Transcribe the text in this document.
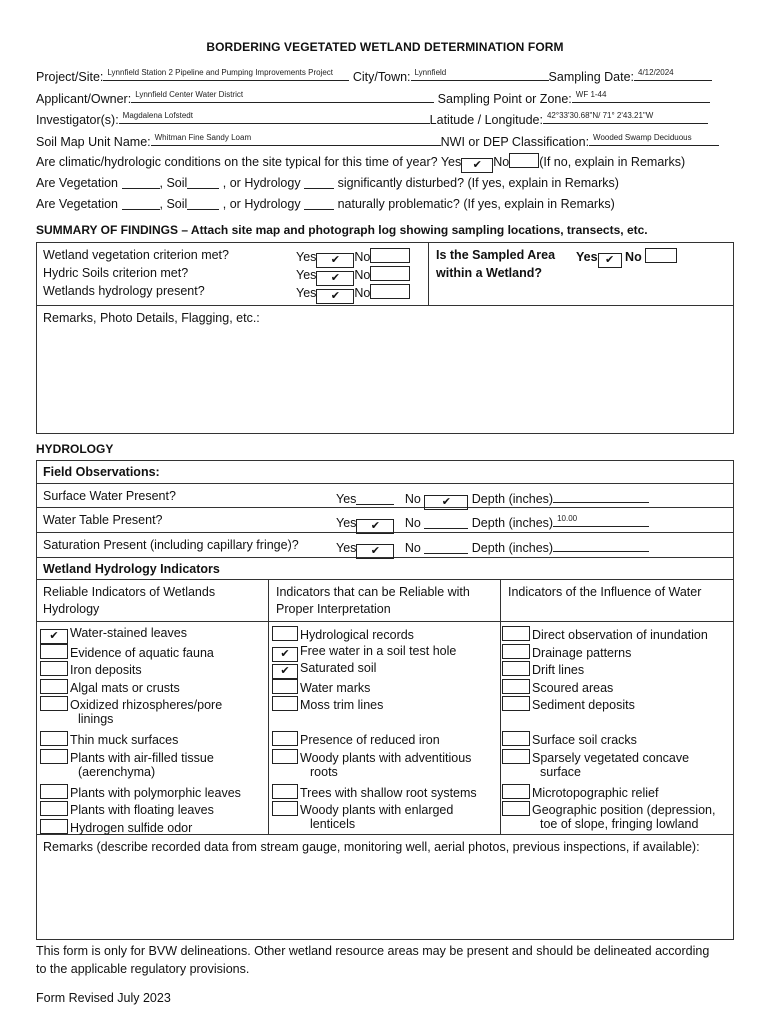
BORDERING VEGETATED WETLAND DETERMINATION FORM
Project/Site: Lynnfield Station 2 Pipeline and Pumping Improvements Project City/Town: Lynnfield	Sampling Date: 4/12/2024
Applicant/Owner: Lynnfield Center Water District	Sampling Point or Zone: WF 1-44
Investigator(s): Magdalena Lofstedt	Latitude / Longitude: 42°33'30.68"N/ 71° 2'43.21"W
Soil Map Unit Name: Whitman Fine Sandy Loam	NWI or DEP Classification: Wooded Swamp Deciduous
Are climatic/hydrologic conditions on the site typical for this time of year? Yes ✔	No (If no, explain in Remarks)
Are Vegetation	, Soil	, or Hydrology	significantly disturbed? (If yes, explain in Remarks)
Are Vegetation	, Soil	, or Hydrology	naturally problematic? (If yes, explain in Remarks)
SUMMARY OF FINDINGS – Attach site map and photograph log showing sampling locations, transects, etc.
Wetland vegetation criterion met?	Yes ✔	No
Hydric Soils criterion met?	Yes ✔	No
Wetlands hydrology present?	Yes ✔	No
Is the Sampled Area
within a Wetland?
Yes ✔ No
Remarks, Photo Details, Flagging, etc.:
HYDROLOGY
Field Observations:
Surface Water Present?	Yes	No ✔	Depth (inches)
Water Table Present?	Yes ✔	No	Depth (inches) 10.00
Saturation Present (including capillary fringe)?	Yes ✔	No	Depth (inches)
Wetland Hydrology Indicators
Reliable Indicators of Wetlands
Hydrology
Indicators that can be Reliable with
Proper Interpretation
Indicators of the Influence of Water
✔Water-stained leaves
Evidence of aquatic fauna
Iron deposits
Algal mats or crusts
Oxidized rhizospheres/pore
linings
Thin muck surfaces
Plants with air-filled tissue
(aerenchyma)
Plants with polymorphic leaves
Plants with floating leaves
Hydrogen sulfide odor
Hydrological records
✔Free water in a soil test hole
✔Saturated soil
Water marks
Moss trim lines
Presence of reduced iron
Woody plants with adventitious
roots
Trees with shallow root systems
Woody plants with enlarged
lenticels
Direct observation of inundation
Drainage patterns
Drift lines
Scoured areas
Sediment deposits
Surface soil cracks
Sparsely vegetated concave
surface
Microtopographic relief
Geographic position (depression,
toe of slope, fringing lowland
Remarks (describe recorded data from stream gauge, monitoring well, aerial photos, previous inspections, if available):
This form is only for BVW delineations. Other wetland resource areas may be present and should be delineated according
to the applicable regulatory provisions.
Form Revised July 2023
